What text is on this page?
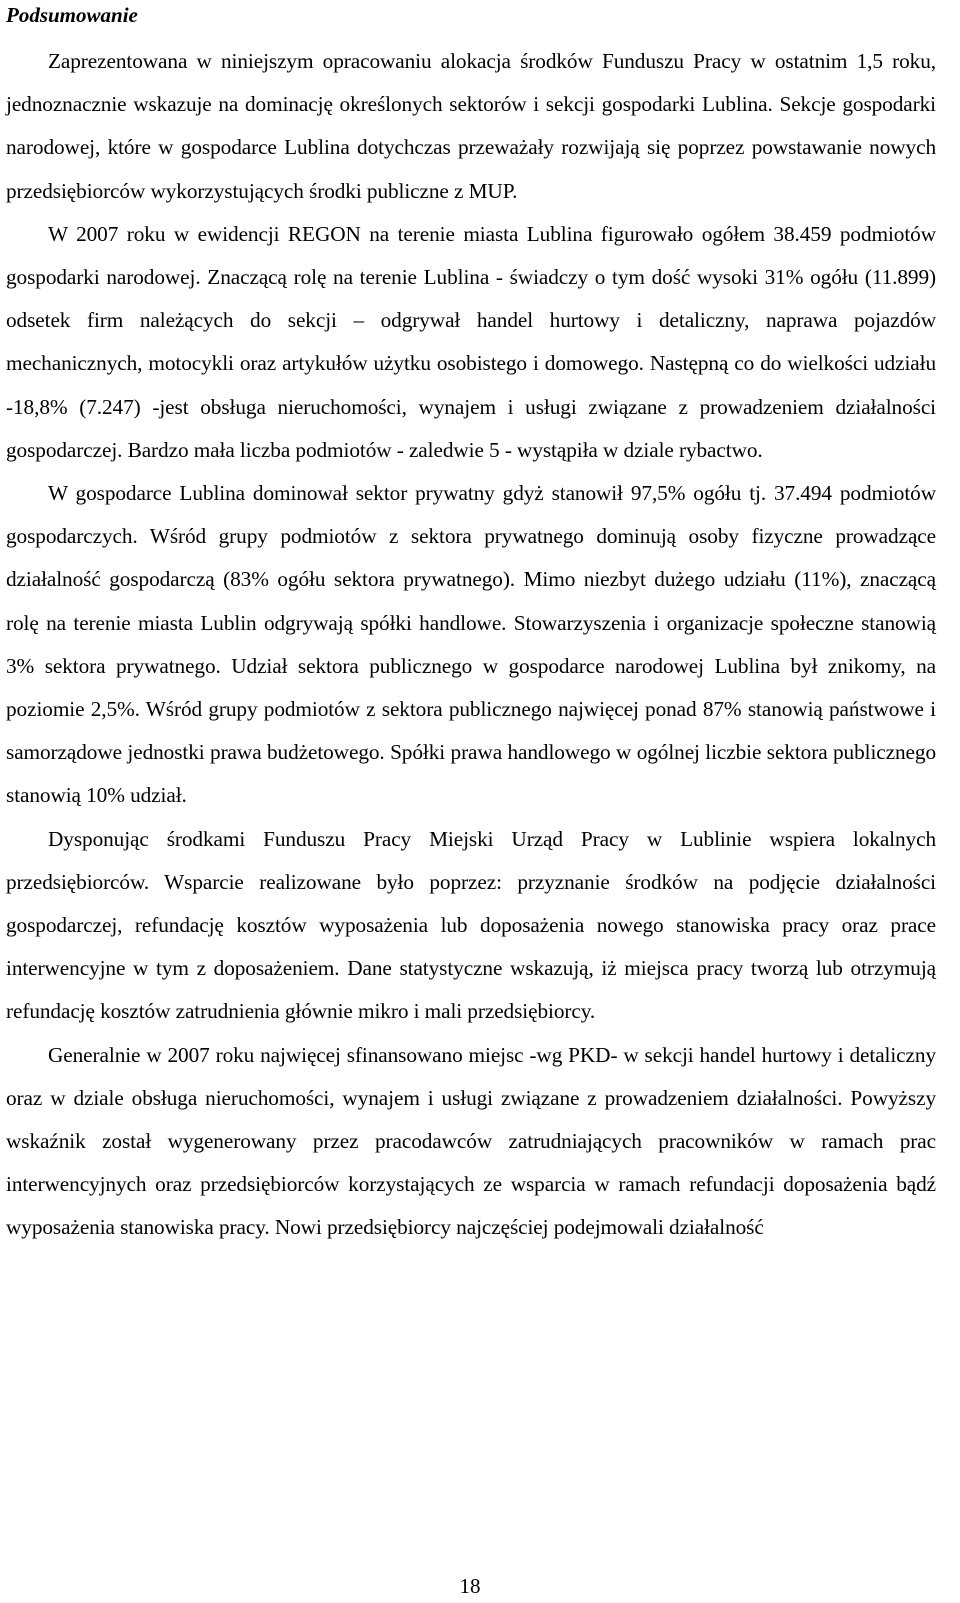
Podsumowanie

Zaprezentowana w niniejszym opracowaniu alokacja środków Funduszu Pracy w ostatnim 1,5 roku, jednoznacznie wskazuje na dominację określonych sektorów i sekcji gospodarki Lublina. Sekcje gospodarki narodowej, które w gospodarce Lublina dotychczas przeważały rozwijają się poprzez powstawanie nowych przedsiębiorców wykorzystujących środki publiczne z MUP.

W 2007 roku w ewidencji REGON na terenie miasta Lublina figurowało ogółem 38.459 podmiotów gospodarki narodowej. Znaczącą rolę na terenie Lublina - świadczy o tym dość wysoki 31% ogółu (11.899) odsetek firm należących do sekcji – odgrywał handel hurtowy i detaliczny, naprawa pojazdów mechanicznych, motocykli oraz artykułów użytku osobistego i domowego. Następną co do wielkości udziału -18,8% (7.247) -jest obsługa nieruchomości, wynajem i usługi związane z prowadzeniem działalności gospodarczej. Bardzo mała liczba podmiotów - zaledwie 5 - wystąpiła w dziale rybactwo.

W gospodarce Lublina dominował sektor prywatny gdyż stanowił 97,5% ogółu tj. 37.494 podmiotów gospodarczych. Wśród grupy podmiotów z sektora prywatnego dominują osoby fizyczne prowadzące działalność gospodarczą (83% ogółu sektora prywatnego). Mimo niezbyt dużego udziału (11%), znaczącą rolę na terenie miasta Lublin odgrywają spółki handlowe. Stowarzyszenia i organizacje społeczne stanowią 3% sektora prywatnego. Udział sektora publicznego w gospodarce narodowej Lublina był znikomy, na poziomie 2,5%. Wśród grupy podmiotów z sektora publicznego najwięcej ponad 87% stanowią państwowe i samorządowe jednostki prawa budżetowego. Spółki prawa handlowego w ogólnej liczbie sektora publicznego stanowią 10% udział.

Dysponując środkami Funduszu Pracy Miejski Urząd Pracy w Lublinie wspiera lokalnych przedsiębiorców. Wsparcie realizowane było poprzez: przyznanie środków na podjęcie działalności gospodarczej, refundację kosztów wyposażenia lub doposażenia nowego stanowiska pracy oraz prace interwencyjne w tym z doposażeniem. Dane statystyczne wskazują, iż miejsca pracy tworzą lub otrzymują refundację kosztów zatrudnienia głównie mikro i mali przedsiębiorcy.

Generalnie w 2007 roku najwięcej sfinansowano miejsc -wg PKD- w sekcji handel hurtowy i detaliczny oraz w dziale obsługa nieruchomości, wynajem i usługi związane z prowadzeniem działalności. Powyższy wskaźnik został wygenerowany przez pracodawców zatrudniających pracowników w ramach prac interwencyjnych oraz przedsiębiorców korzystających ze wsparcia w ramach refundacji doposażenia bądź wyposażenia stanowiska pracy. Nowi przedsiębiorcy najczęściej podejmowali działalność

18
